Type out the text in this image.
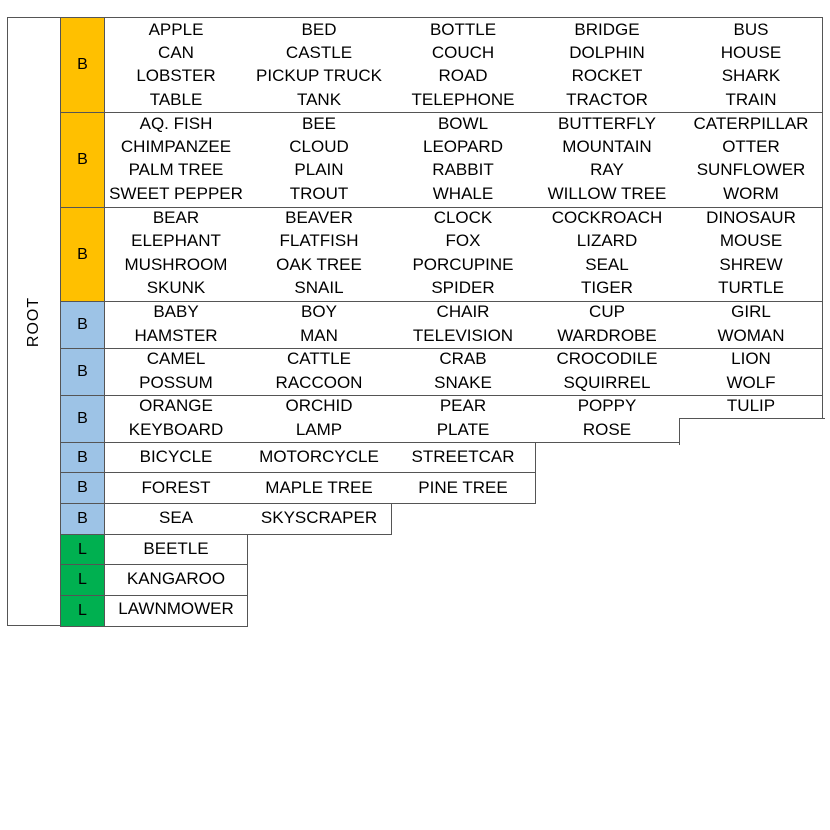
ROOT
B
APPLE	BED	BOTTLE	BRIDGE	BUS
CAN	CASTLE	COUCH	DOLPHIN	HOUSE
LOBSTER	PICKUP TRUCK	ROAD	ROCKET	SHARK
TABLE	TANK	TELEPHONE	TRACTOR	TRAIN
B
AQ. FISH	BEE	BOWL	BUTTERFLY	CATERPILLAR
CHIMPANZEE	CLOUD	LEOPARD	MOUNTAIN	OTTER
PALM TREE	PLAIN	RABBIT	RAY	SUNFLOWER
SWEET PEPPER	TROUT	WHALE	WILLOW TREE	WORM
B
BEAR	BEAVER	CLOCK	COCKROACH	DINOSAUR
ELEPHANT	FLATFISH	FOX	LIZARD	MOUSE
MUSHROOM	OAK TREE	PORCUPINE	SEAL	SHREW
SKUNK	SNAIL	SPIDER	TIGER	TURTLE
B
BABY	BOY	CHAIR	CUP	GIRL
HAMSTER	MAN	TELEVISION	WARDROBE	WOMAN
B
CAMEL	CATTLE	CRAB	CROCODILE	LION
POSSUM	RACCOON	SNAKE	SQUIRREL	WOLF
B
ORANGE	ORCHID	PEAR	POPPY	TULIP
KEYBOARD	LAMP	PLATE	ROSE
B	BICYCLE	MOTORCYCLE	STREETCAR
B	FOREST	MAPLE TREE	PINE TREE
B	SEA	SKYSCRAPER
L	BEETLE
L	KANGAROO
L	LAWNMOWER
